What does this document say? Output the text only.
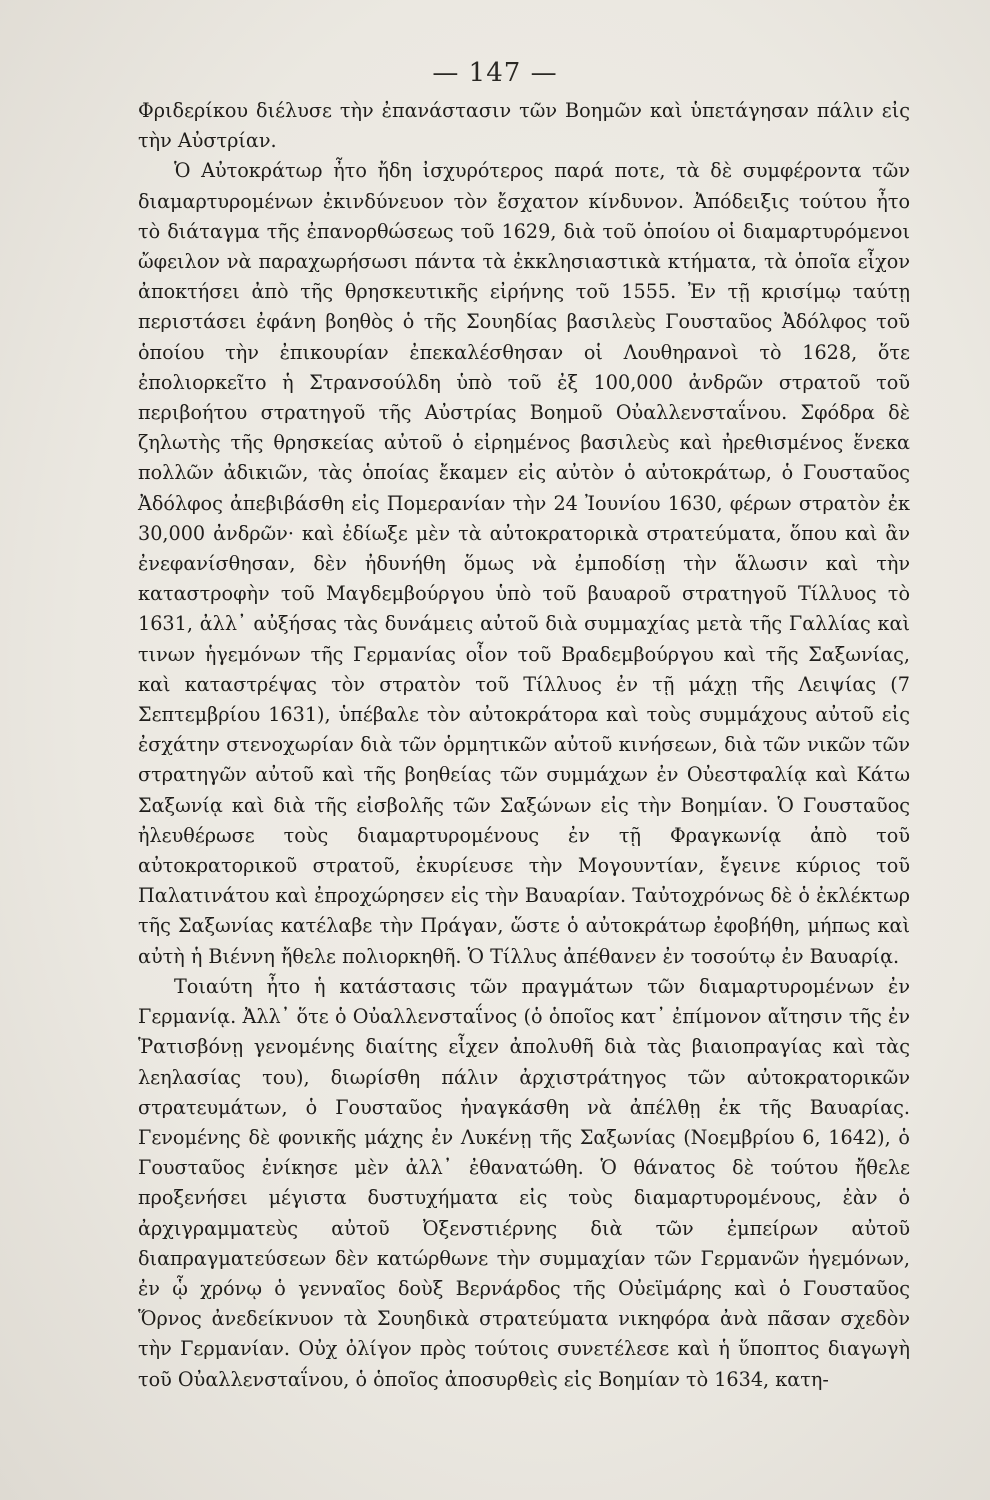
— 147 —

Φριδερίκου διέλυσε τὴν ἐπανάστασιν τῶν Βοημῶν καὶ ὑπετάγησαν πάλιν εἰς τὴν Αὐστρίαν.

Ὁ Αὐτοκράτωρ ἦτο ἤδη ἰσχυρότερος παρά ποτε, τὰ δὲ συμφέροντα τῶν διαμαρτυρομένων ἐκινδύνευον τὸν ἔσχατον κίνδυνον. Ἀπόδειξις τούτου ἦτο τὸ διάταγμα τῆς ἐπανορθώσεως τοῦ 1629, διὰ τοῦ ὁποίου οἱ διαμαρτυρόμενοι ὤφειλον νὰ παραχωρήσωσι πάντα τὰ ἐκκλησιαστικὰ κτήματα, τὰ ὁποῖα εἶχον ἀποκτήσει ἀπὸ τῆς θρησκευτικῆς εἰρήνης τοῦ 1555. Ἐν τῇ κρισίμῳ ταύτῃ περιστάσει ἐφάνη βοηθὸς ὁ τῆς Σουηδίας βασιλεὺς Γουσταῦος Ἀδόλφος τοῦ ὁποίου τὴν ἐπικουρίαν ἐπεκαλέσθησαν οἱ Λουθηρανοὶ τὸ 1628, ὅτε ἐπολιορκεῖτο ἡ Στρανσούλδη ὑπὸ τοῦ ἐξ 100,000 ἀνδρῶν στρατοῦ τοῦ περιβοήτου στρατηγοῦ τῆς Αὐστρίας Βοημοῦ Οὐαλλενσταΐνου. Σφόδρα δὲ ζηλωτὴς τῆς θρησκείας αὐτοῦ ὁ εἰρημένος βασιλεὺς καὶ ἠρεθισμένος ἕνεκα πολλῶν ἀδικιῶν, τὰς ὁποίας ἔκαμεν εἰς αὐτὸν ὁ αὐτοκράτωρ, ὁ Γουσταῦος Ἀδόλφος ἀπεβιβάσθη εἰς Πομερανίαν τὴν 24 Ἰουνίου 1630, φέρων στρατὸν ἐκ 30,000 ἀνδρῶν· καὶ ἐδίωξε μὲν τὰ αὐτοκρατορικὰ στρατεύματα, ὅπου καὶ ἂν ἐνεφανίσθησαν, δὲν ἠδυνήθη ὅμως νὰ ἐμποδίσῃ τὴν ἅλωσιν καὶ τὴν καταστροφὴν τοῦ Μαγδεμβούργου ὑπὸ τοῦ βαυαροῦ στρατηγοῦ Τίλλυος τὸ 1631, ἀλλ᾽ αὐξήσας τὰς δυνάμεις αὐτοῦ διὰ συμμαχίας μετὰ τῆς Γαλλίας καὶ τινων ἡγεμόνων τῆς Γερμανίας οἷον τοῦ Βραδεμβούργου καὶ τῆς Σαξωνίας, καὶ καταστρέψας τὸν στρατὸν τοῦ Τίλλυος ἐν τῇ μάχῃ τῆς Λειψίας (7 Σεπτεμβρίου 1631), ὑπέβαλε τὸν αὐτοκράτορα καὶ τοὺς συμμάχους αὐτοῦ εἰς ἐσχάτην στενοχωρίαν διὰ τῶν ὁρμητικῶν αὐτοῦ κινήσεων, διὰ τῶν νικῶν τῶν στρατηγῶν αὐτοῦ καὶ τῆς βοηθείας τῶν συμμάχων ἐν Οὐεστφαλίᾳ καὶ Κάτω Σαξωνίᾳ καὶ διὰ τῆς εἰσβολῆς τῶν Σαξώνων εἰς τὴν Βοημίαν. Ὁ Γουσταῦος ἠλευθέρωσε τοὺς διαμαρτυρομένους ἐν τῇ Φραγκωνίᾳ ἀπὸ τοῦ αὐτοκρατορικοῦ στρατοῦ, ἐκυρίευσε τὴν Μογουντίαν, ἔγεινε κύριος τοῦ Παλατινάτου καὶ ἐπροχώρησεν εἰς τὴν Βαυαρίαν. Ταὐτοχρόνως δὲ ὁ ἐκλέκτωρ τῆς Σαξωνίας κατέλαβε τὴν Πράγαν, ὥστε ὁ αὐτοκράτωρ ἐφοβήθη, μήπως καὶ αὐτὴ ἡ Βιέννη ἤθελε πολιορκηθῆ. Ὁ Τίλλυς ἀπέθανεν ἐν τοσούτῳ ἐν Βαυαρίᾳ.

Τοιαύτη ἦτο ἡ κατάστασις τῶν πραγμάτων τῶν διαμαρτυρομένων ἐν Γερμανίᾳ. Ἀλλ᾽ ὅτε ὁ Οὐαλλενσταΐνος (ὁ ὁποῖος κατ᾽ ἐπίμονον αἴτησιν τῆς ἐν Ῥατισβόνῃ γενομένης διαίτης εἶχεν ἀπολυθῆ διὰ τὰς βιαιοπραγίας καὶ τὰς λεηλασίας του), διωρίσθη πάλιν ἀρχιστράτηγος τῶν αὐτοκρατορικῶν στρατευμάτων, ὁ Γουσταῦος ἠναγκάσθη νὰ ἀπέλθῃ ἐκ τῆς Βαυαρίας. Γενομένης δὲ φονικῆς μάχης ἐν Λυκένῃ τῆς Σαξωνίας (Νοεμβρίου 6, 1642), ὁ Γουσταῦος ἐνίκησε μὲν ἀλλ᾽ ἐθανατώθη. Ὁ θάνατος δὲ τούτου ἤθελε προξενήσει μέγιστα δυστυχήματα εἰς τοὺς διαμαρτυρομένους, ἐὰν ὁ ἀρχιγραμματεὺς αὐτοῦ Ὀξενστιέρνης διὰ τῶν ἐμπείρων αὐτοῦ διαπραγματεύσεων δὲν κατώρθωνε τὴν συμμαχίαν τῶν Γερμανῶν ἡγεμόνων, ἐν ᾧ χρόνῳ ὁ γενναῖος δοὺξ Βερνάρδος τῆς Οὐεϊμάρης καὶ ὁ Γουσταῦος Ὅρνος ἀνεδείκνυον τὰ Σουηδικὰ στρατεύματα νικηφόρα ἀνὰ πᾶσαν σχεδὸν τὴν Γερμανίαν. Οὐχ ὀλίγον πρὸς τούτοις συνετέλεσε καὶ ἡ ὕποπτος διαγωγὴ τοῦ Οὐαλλενσταΐνου, ὁ ὁποῖος ἀποσυρθεὶς εἰς Βοημίαν τὸ 1634, κατη-
